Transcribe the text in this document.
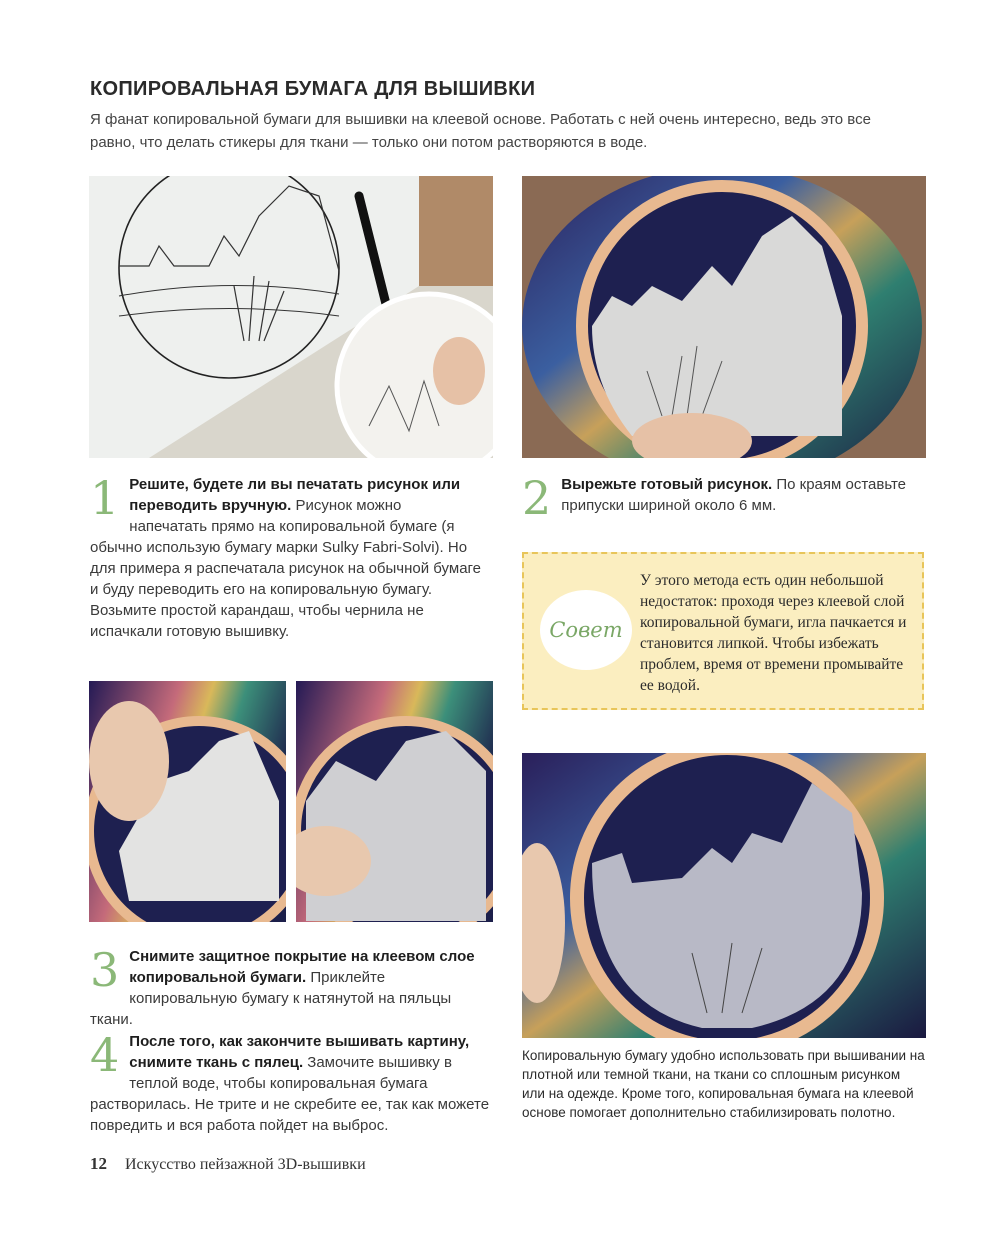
КОПИРОВАЛЬНАЯ БУМАГА ДЛЯ ВЫШИВКИ
Я фанат копировальной бумаги для вышивки на клеевой основе. Работать с ней очень интересно, ведь это все равно, что делать стикеры для ткани — только они потом растворяются в воде.
1 Решите, будете ли вы печатать рисунок или переводить вручную. Рисунок можно напечатать прямо на копировальной бумаге (я обычно использую бумагу марки Sulky Fabri-Solvi). Но для примера я распечатала рисунок на обычной бумаге и буду переводить его на копировальную бумагу. Возьмите простой карандаш, чтобы чернила не испачкали готовую вышивку.
2 Вырежьте готовый рисунок. По краям оставьте припуски шириной около 6 мм.
Совет
У этого метода есть один небольшой недостаток: проходя через клеевой слой копировальной бумаги, игла пачкается и становится липкой. Чтобы избежать проблем, время от времени промывайте ее водой.
3 Снимите защитное покрытие на клеевом слое копировальной бумаги. Приклейте копировальную бумагу к натянутой на пяльцы ткани.
4 После того, как закончите вышивать картину, снимите ткань с пялец. Замочите вышивку в теплой воде, чтобы копировальная бумага растворилась. Не трите и не скребите ее, так как можете повредить и вся работа пойдет на выброс.
Копировальную бумагу удобно использовать при вышивании на плотной или темной ткани, на ткани со сплошным рисунком или на одежде. Кроме того, копировальная бумага на клеевой основе помогает дополнительно стабилизировать полотно.
12 Искусство пейзажной 3D-вышивки
